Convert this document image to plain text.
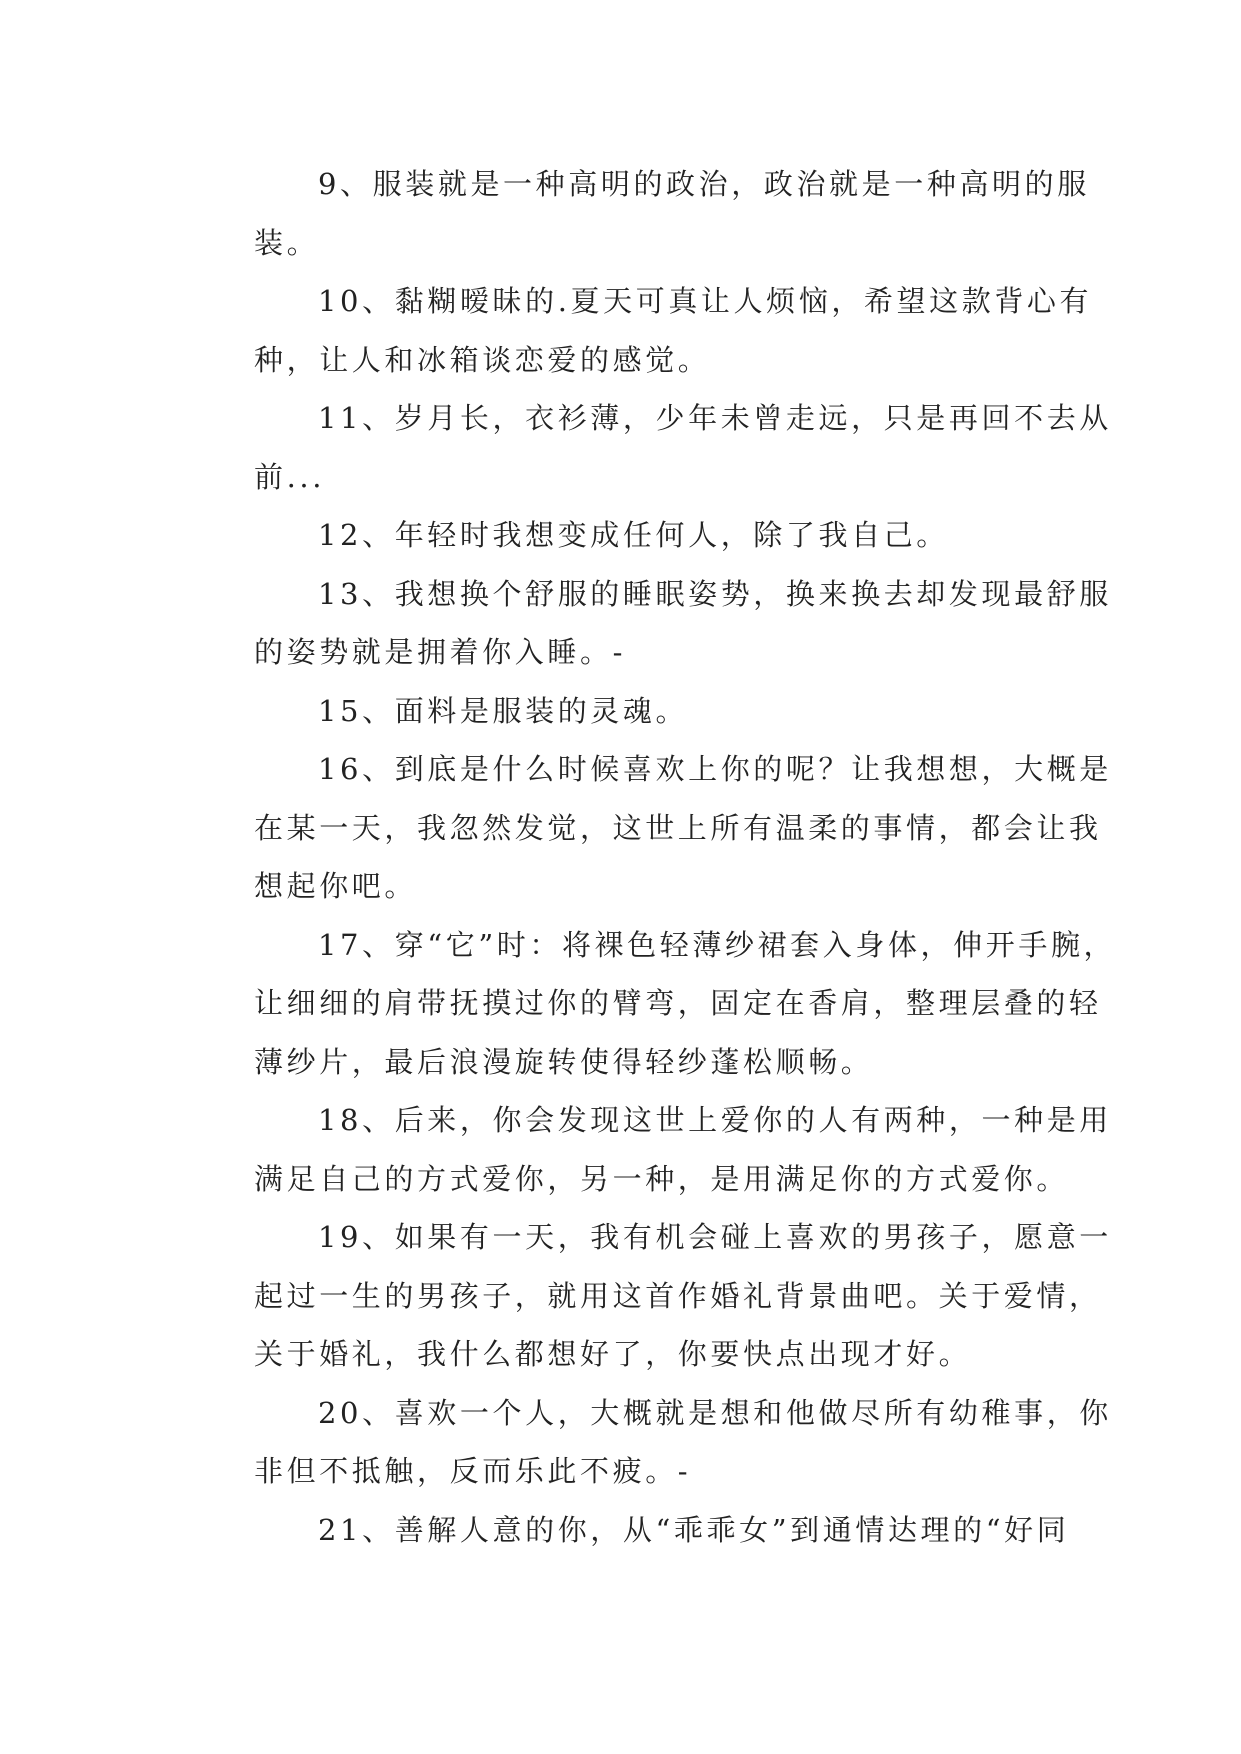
9、服装就是一种高明的政治，政治就是一种高明的服
装。
10、黏糊暧昧的.夏天可真让人烦恼，希望这款背心有
种，让人和冰箱谈恋爱的感觉。
11、岁月长，衣衫薄，少年未曾走远，只是再回不去从
前...
12、年轻时我想变成任何人，除了我自己。
13、我想换个舒服的睡眠姿势，换来换去却发现最舒服
的姿势就是拥着你入睡。-
15、面料是服装的灵魂。
16、到底是什么时候喜欢上你的呢？让我想想，大概是
在某一天，我忽然发觉，这世上所有温柔的事情，都会让我
想起你吧。
17、穿“它”时：将裸色轻薄纱裙套入身体，伸开手腕，
让细细的肩带抚摸过你的臂弯，固定在香肩，整理层叠的轻
薄纱片，最后浪漫旋转使得轻纱蓬松顺畅。
18、后来，你会发现这世上爱你的人有两种，一种是用
满足自己的方式爱你，另一种，是用满足你的方式爱你。
19、如果有一天，我有机会碰上喜欢的男孩子，愿意一
起过一生的男孩子，就用这首作婚礼背景曲吧。关于爱情，
关于婚礼，我什么都想好了，你要快点出现才好。
20、喜欢一个人，大概就是想和他做尽所有幼稚事，你
非但不抵触，反而乐此不疲。-
21、善解人意的你，从“乖乖女”到通情达理的“好同
